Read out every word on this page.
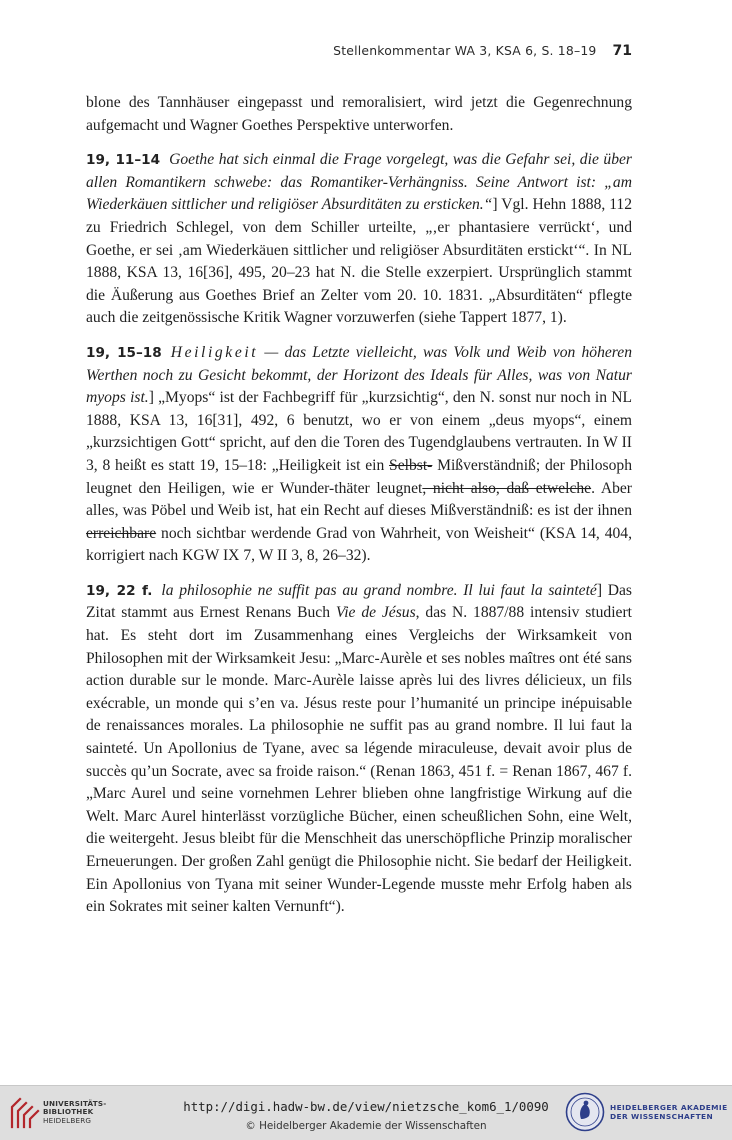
Stellenkommentar WA 3, KSA 6, S. 18–19 71

blone des Tannhäuser eingepasst und remoralisiert, wird jetzt die Gegenrechnung aufgemacht und Wagner Goethes Perspektive unterworfen.

19, 11–14 Goethe hat sich einmal die Frage vorgelegt, was die Gefahr sei, die über allen Romantikern schwebe: das Romantiker-Verhängniss. Seine Antwort ist: „am Wiederkäuen sittlicher und religiöser Absurditäten zu ersticken.“] Vgl. Hehn 1888, 112 zu Friedrich Schlegel, von dem Schiller urteilte, „‚er phantasiere verrückt‘, und Goethe, er sei ‚am Wiederkäuen sittlicher und religiöser Absurditäten erstickt‘“. In NL 1888, KSA 13, 16[36], 495, 20–23 hat N. die Stelle exzerpiert. Ursprünglich stammt die Äußerung aus Goethes Brief an Zelter vom 20. 10. 1831. „Absurditäten“ pflegte auch die zeitgenössische Kritik Wagner vorzuwerfen (siehe Tappert 1877, 1).

19, 15–18 Heiligkeit — das Letzte vielleicht, was Volk und Weib von höheren Werthen noch zu Gesicht bekommt, der Horizont des Ideals für Alles, was von Natur myops ist.] „Myops“ ist der Fachbegriff für „kurzsichtig“, den N. sonst nur noch in NL 1888, KSA 13, 16[31], 492, 6 benutzt, wo er von einem „deus myops“, einem „kurzsichtigen Gott“ spricht, auf den die Toren des Tugendglaubens vertrauten. In W II 3, 8 heißt es statt 19, 15–18: „Heiligkeit ist ein Selbst- Mißverständniß; der Philosoph leugnet den Heiligen, wie er Wunder-thäter leugnet, nicht also, daß etwelche. Aber alles, was Pöbel und Weib ist, hat ein Recht auf dieses Mißverständniß: es ist der ihnen erreichbare noch sichtbar werdende Grad von Wahrheit, von Weisheit“ (KSA 14, 404, korrigiert nach KGW IX 7, W II 3, 8, 26–32).

19, 22 f. la philosophie ne suffit pas au grand nombre. Il lui faut la sainteté] Das Zitat stammt aus Ernest Renans Buch Vie de Jésus, das N. 1887/88 intensiv studiert hat. Es steht dort im Zusammenhang eines Vergleichs der Wirksamkeit von Philosophen mit der Wirksamkeit Jesu: „Marc-Aurèle et ses nobles maîtres ont été sans action durable sur le monde. Marc-Aurèle laisse après lui des livres délicieux, un fils exécrable, un monde qui s’en va. Jésus reste pour l’humanité un principe inépuisable de renaissances morales. La philosophie ne suffit pas au grand nombre. Il lui faut la sainteté. Un Apollonius de Tyane, avec sa légende miraculeuse, devait avoir plus de succès qu’un Socrate, avec sa froide raison.“ (Renan 1863, 451 f. = Renan 1867, 467 f. „Marc Aurel und seine vornehmen Lehrer blieben ohne langfristige Wirkung auf die Welt. Marc Aurel hinterlässt vorzügliche Bücher, einen scheußlichen Sohn, eine Welt, die weitergeht. Jesus bleibt für die Menschheit das unerschöpfliche Prinzip moralischer Erneuerungen. Der großen Zahl genügt die Philosophie nicht. Sie bedarf der Heiligkeit. Ein Apollonius von Tyana mit seiner Wunder-Legende musste mehr Erfolg haben als ein Sokrates mit seiner kalten Vernunft“).

UNIVERSITÄTS-
BIBLIOTHEK
HEIDELBERG
http://digi.hadw-bw.de/view/nietzsche_kom6_1/0090
© Heidelberger Akademie der Wissenschaften
HEIDELBERGER AKADEMIE
DER WISSENSCHAFTEN
